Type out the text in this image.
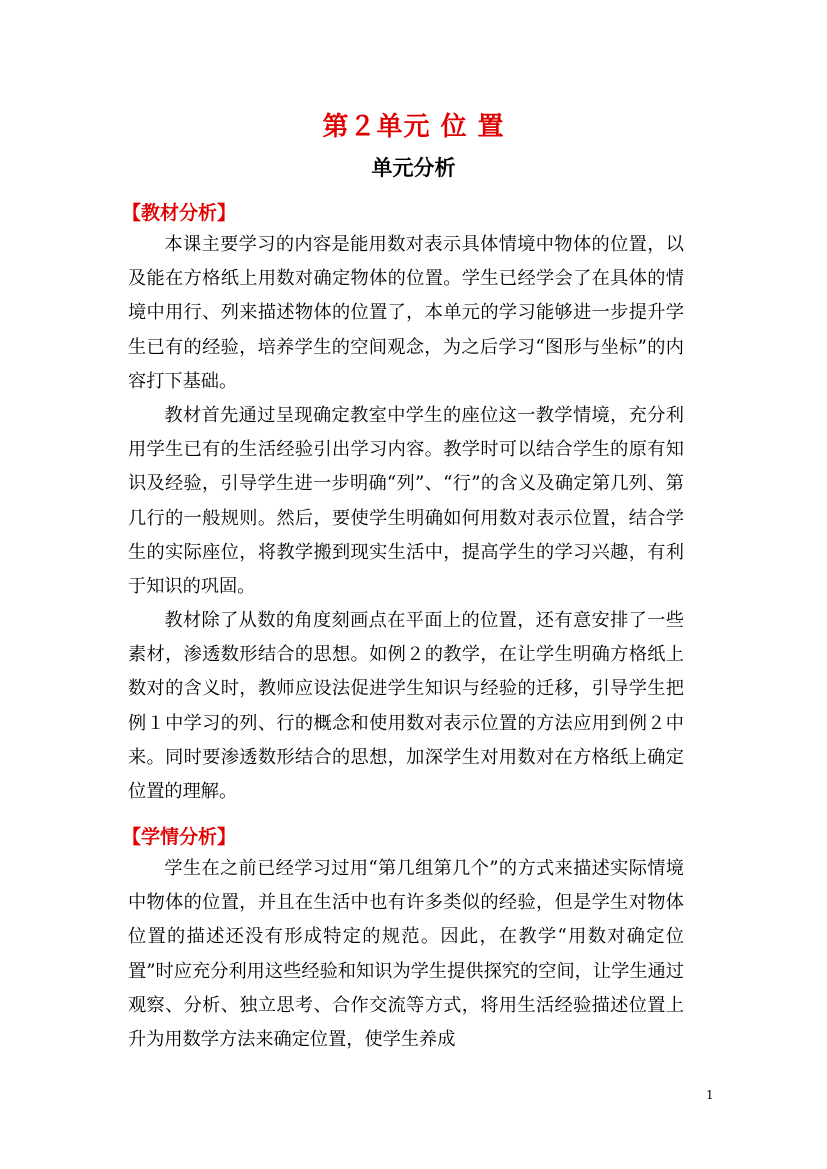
第２单元 位 置
单元分析
【教材分析】

本课主要学习的内容是能用数对表示具体情境中物体的位置，以及能在方格纸上用数对确定物体的位置。学生已经学会了在具体的情境中用行、列来描述物体的位置了，本单元的学习能够进一步提升学生已有的经验，培养学生的空间观念，为之后学习“图形与坐标”的内容打下基础。

教材首先通过呈现确定教室中学生的座位这一教学情境，充分利用学生已有的生活经验引出学习内容。教学时可以结合学生的原有知识及经验，引导学生进一步明确“列”、“行”的含义及确定第几列、第几行的一般规则。然后，要使学生明确如何用数对表示位置，结合学生的实际座位，将教学搬到现实生活中，提高学生的学习兴趣，有利于知识的巩固。

教材除了从数的角度刻画点在平面上的位置，还有意安排了一些素材，渗透数形结合的思想。如例２的教学，在让学生明确方格纸上数对的含义时，教师应设法促进学生知识与经验的迁移，引导学生把例１中学习的列、行的概念和使用数对表示位置的方法应用到例２中来。同时要渗透数形结合的思想，加深学生对用数对在方格纸上确定位置的理解。

【学情分析】

学生在之前已经学习过用“第几组第几个”的方式来描述实际情境中物体的位置，并且在生活中也有许多类似的经验，但是学生对物体位置的描述还没有形成特定的规范。因此，在教学“用数对确定位置”时应充分利用这些经验和知识为学生提供探究的空间，让学生通过观察、分析、独立思考、合作交流等方式，将用生活经验描述位置上升为用数学方法来确定位置，使学生养成

1
